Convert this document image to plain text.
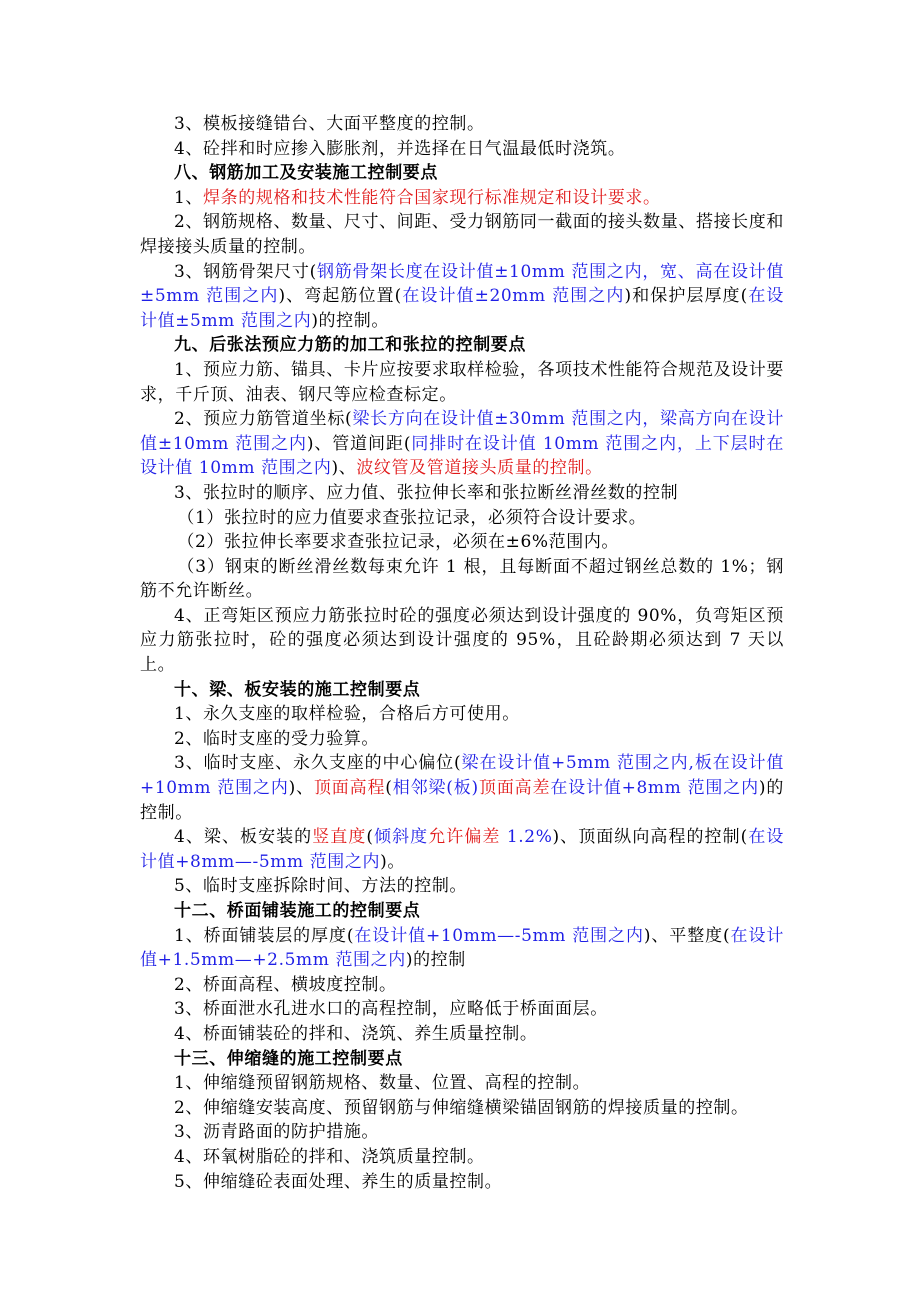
3、模板接缝错台、大面平整度的控制。

4、砼拌和时应掺入膨胀剂，并选择在日气温最低时浇筑。

八、钢筋加工及安装施工控制要点

1、焊条的规格和技术性能符合国家现行标准规定和设计要求。

2、钢筋规格、数量、尺寸、间距、受力钢筋同一截面的接头数量、搭接长度和焊接接头质量的控制。

3、钢筋骨架尺寸(钢筋骨架长度在设计值±10mm 范围之内，宽、高在设计值±5mm 范围之内)、弯起筋位置(在设计值±20mm 范围之内)和保护层厚度(在设计值±5mm 范围之内)的控制。

九、后张法预应力筋的加工和张拉的控制要点

1、预应力筋、锚具、卡片应按要求取样检验，各项技术性能符合规范及设计要求，千斤顶、油表、钢尺等应检查标定。

2、预应力筋管道坐标(梁长方向在设计值±30mm 范围之内，梁高方向在设计值±10mm 范围之内)、管道间距(同排时在设计值 10mm 范围之内，上下层时在设计值 10mm 范围之内)、波纹管及管道接头质量的控制。

3、张拉时的顺序、应力值、张拉伸长率和张拉断丝滑丝数的控制

（1）张拉时的应力值要求查张拉记录，必须符合设计要求。

（2）张拉伸长率要求查张拉记录，必须在±6%范围内。

（3）钢束的断丝滑丝数每束允许 1 根，且每断面不超过钢丝总数的 1%；钢筋不允许断丝。

4、正弯矩区预应力筋张拉时砼的强度必须达到设计强度的 90%，负弯矩区预应力筋张拉时，砼的强度必须达到设计强度的 95%，且砼龄期必须达到 7 天以上。

十、梁、板安装的施工控制要点

1、永久支座的取样检验，合格后方可使用。

2、临时支座的受力验算。

3、临时支座、永久支座的中心偏位(梁在设计值+5mm 范围之内,板在设计值+10mm 范围之内)、顶面高程(相邻梁(板)顶面高差在设计值+8mm 范围之内)的控制。

4、梁、板安装的竖直度(倾斜度允许偏差 1.2%)、顶面纵向高程的控制(在设计值+8mm—-5mm 范围之内)。

5、临时支座拆除时间、方法的控制。

十二、桥面铺装施工的控制要点

1、桥面铺装层的厚度(在设计值+10mm—-5mm 范围之内)、平整度(在设计值+1.5mm—+2.5mm 范围之内)的控制

2、桥面高程、横坡度控制。

3、桥面泄水孔进水口的高程控制，应略低于桥面面层。

4、桥面铺装砼的拌和、浇筑、养生质量控制。

十三、伸缩缝的施工控制要点

1、伸缩缝预留钢筋规格、数量、位置、高程的控制。

2、伸缩缝安装高度、预留钢筋与伸缩缝横梁锚固钢筋的焊接质量的控制。

3、沥青路面的防护措施。

4、环氧树脂砼的拌和、浇筑质量控制。

5、伸缩缝砼表面处理、养生的质量控制。
